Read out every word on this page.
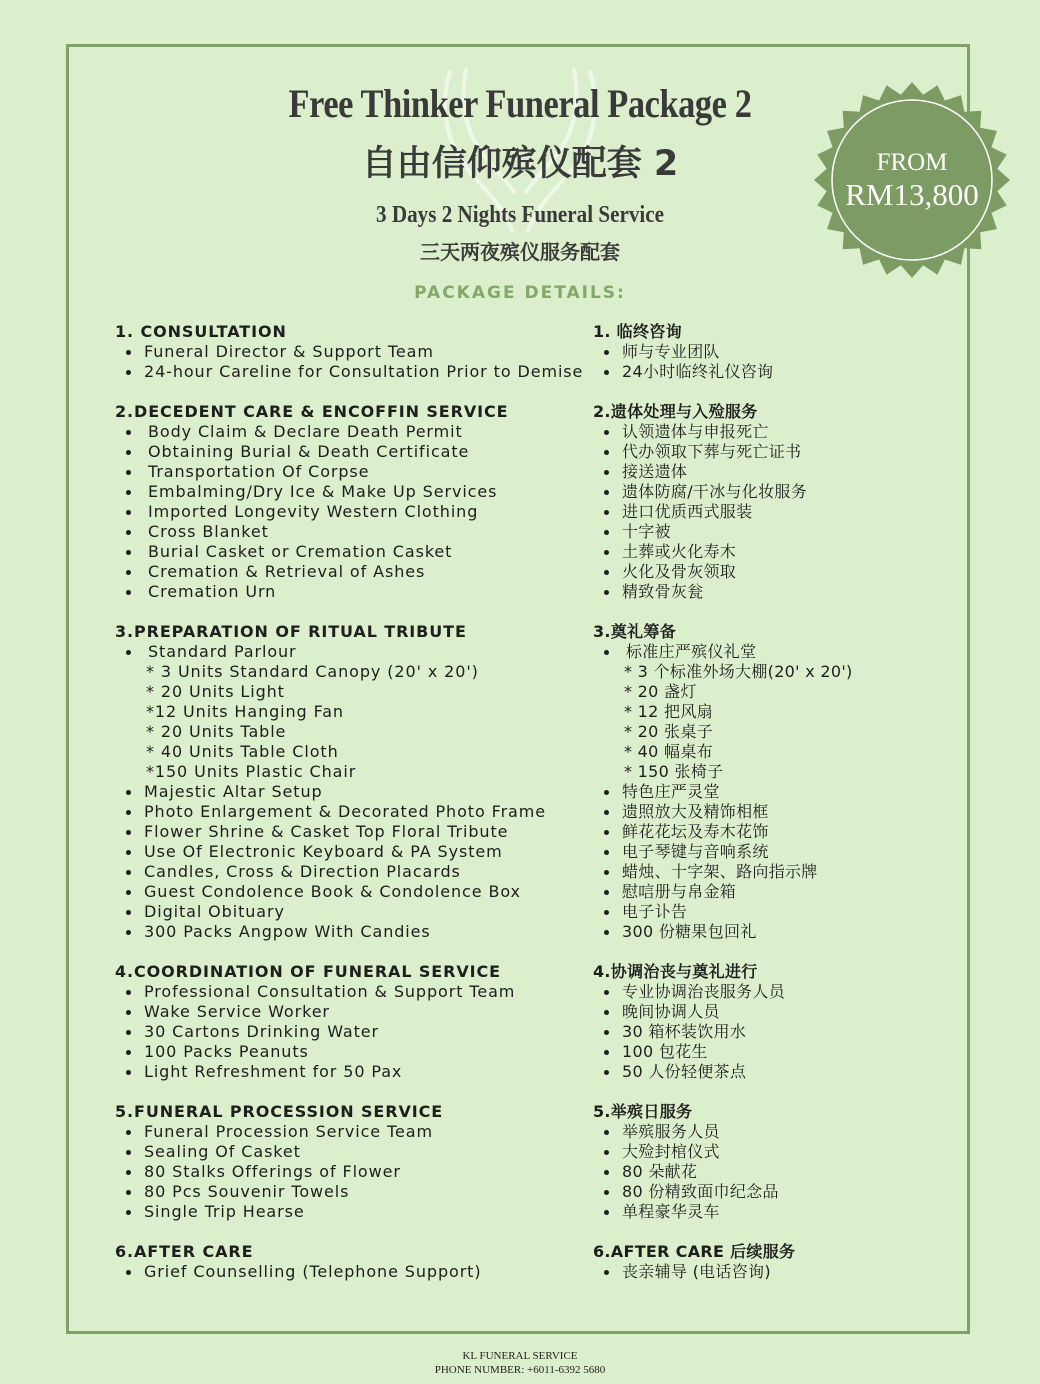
Free Thinker Funeral Package 2
自由信仰殡仪配套 2
3 Days 2 Nights Funeral Service
三天两夜殡仪服务配套
PACKAGE DETAILS:
FROM
RM13,800
1. CONSULTATION
Funeral Director & Support Team
24-hour Careline for Consultation Prior to Demise
2.DECEDENT CARE & ENCOFFIN SERVICE
Body Claim & Declare Death Permit
Obtaining Burial & Death Certificate
Transportation Of Corpse
Embalming/Dry Ice & Make Up Services
Imported Longevity Western Clothing
Cross Blanket
Burial Casket or Cremation Casket
Cremation & Retrieval of Ashes
Cremation Urn
3.PREPARATION OF RITUAL TRIBUTE
Standard Parlour
* 3 Units Standard Canopy (20' x 20')
* 20 Units Light
*12 Units Hanging Fan
* 20 Units Table
* 40 Units Table Cloth
*150 Units Plastic Chair
Majestic Altar Setup
Photo Enlargement & Decorated Photo Frame
Flower Shrine & Casket Top Floral Tribute
Use Of Electronic Keyboard & PA System
Candles, Cross & Direction Placards
Guest Condolence Book & Condolence Box
Digital Obituary
300 Packs Angpow With Candies
4.COORDINATION OF FUNERAL SERVICE
Professional Consultation & Support Team
Wake Service Worker
30 Cartons Drinking Water
100 Packs Peanuts
Light Refreshment for 50 Pax
5.FUNERAL PROCESSION SERVICE
Funeral Procession Service Team
Sealing Of Casket
80 Stalks Offerings of Flower
80 Pcs Souvenir Towels
Single Trip Hearse
6.AFTER CARE
Grief Counselling (Telephone Support)
1. 临终咨询
师与专业团队
24小时临终礼仪咨询
2.遗体处理与入殓服务
认领遗体与申报死亡
代办领取下葬与死亡证书
接送遗体
遗体防腐/干冰与化妆服务
进口优质西式服装
十字被
土葬或火化寿木
火化及骨灰领取
精致骨灰瓮
3.奠礼筹备
标准庄严殡仪礼堂
* 3 个标准外场大棚(20' x 20')
* 20 盏灯
* 12 把风扇
* 20 张桌子
* 40 幅桌布
* 150 张椅子
特色庄严灵堂
遗照放大及精饰相框
鲜花花坛及寿木花饰
电子琴键与音响系统
蜡烛、十字架、路向指示牌
慰唁册与帛金箱
电子讣告
300 份糖果包回礼
4.协调治丧与奠礼进行
专业协调治丧服务人员
晚间协调人员
30 箱杯装饮用水
100 包花生
50 人份轻便茶点
5.举殡日服务
举殡服务人员
大殓封棺仪式
80 朵献花
80 份精致面巾纪念品
单程豪华灵车
6.AFTER CARE 后续服务
丧亲辅导 (电话咨询)
KL FUNERAL SERVICE
PHONE NUMBER: +6011-6392 5680
